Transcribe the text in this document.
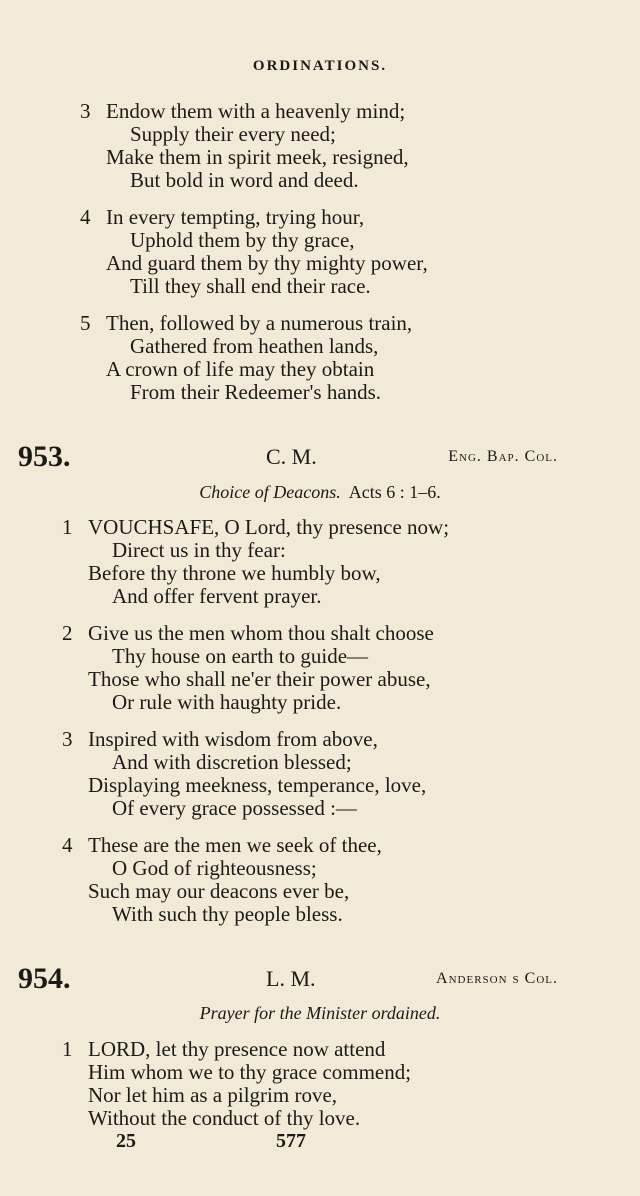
ORDINATIONS.
3 Endow them with a heavenly mind;
Supply their every need;
Make them in spirit meek, resigned,
But bold in word and deed.
4 In every tempting, trying hour,
Uphold them by thy grace,
And guard them by thy mighty power,
Till they shall end their race.
5 Then, followed by a numerous train,
Gathered from heathen lands,
A crown of life may they obtain
From their Redeemer's hands.
953.	C. M.	Eng. Bap. Col.
Choice of Deacons. Acts 6 : 1–6.
1 VOUCHSAFE, O Lord, thy presence now;
Direct us in thy fear:
Before thy throne we humbly bow,
And offer fervent prayer.
2 Give us the men whom thou shalt choose
Thy house on earth to guide—
Those who shall ne'er their power abuse,
Or rule with haughty pride.
3 Inspired with wisdom from above,
And with discretion blessed;
Displaying meekness, temperance, love,
Of every grace possessed :—
4 These are the men we seek of thee,
O God of righteousness;
Such may our deacons ever be,
With such thy people bless.
954.	L. M.	Anderson s Col.
Prayer for the Minister ordained.
1 LORD, let thy presence now attend
Him whom we to thy grace commend;
Nor let him as a pilgrim rove,
Without the conduct of thy love.
25	577
